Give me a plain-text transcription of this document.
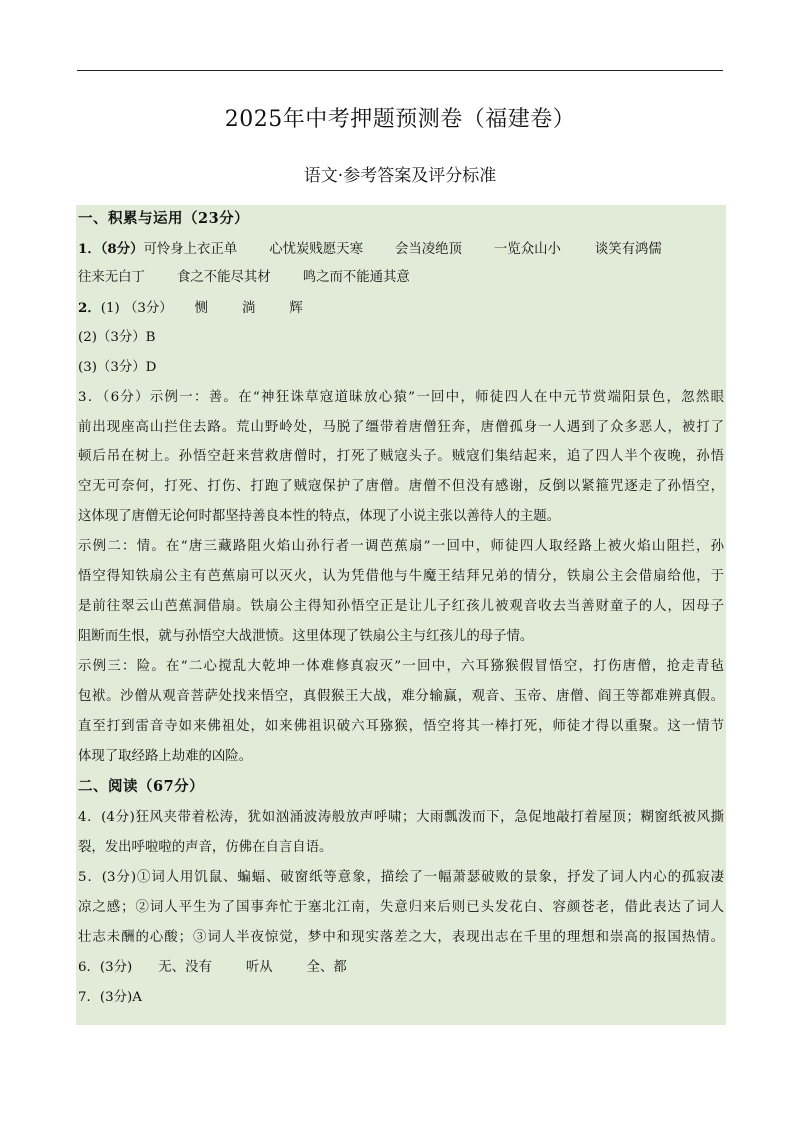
2025年中考押题预测卷（福建卷）
语文·参考答案及评分标准
一、积累与运用（23分）
1．（8分）可怜身上衣正单 心忧炭贱愿天寒 会当凌绝顶 一览众山小	谈笑有鸿儒
往来无白丁 食之不能尽其材 鸣之而不能通其意
2．(1) （3分） 恻	淌	辉
(2)（3分）B
(3)（3分）D
3．（6分）示例一：善。在“神狂诛草寇道昧放心猿”一回中，师徒四人在中元节赏端阳景色，忽然眼
前出现座高山拦住去路。荒山野岭处，马脱了缰带着唐僧狂奔，唐僧孤身一人遇到了众多恶人，被打了
顿后吊在树上。孙悟空赶来营救唐僧时，打死了贼寇头子。贼寇们集结起来，追了四人半个夜晚，孙悟
空无可奈何，打死、打伤、打跑了贼寇保护了唐僧。唐僧不但没有感谢，反倒以紧箍咒逐走了孙悟空，
这体现了唐僧无论何时都坚持善良本性的特点，体现了小说主张以善待人的主题。
示例二：情。在“唐三藏路阻火焰山孙行者一调芭蕉扇”一回中，师徒四人取经路上被火焰山阻拦，孙
悟空得知铁扇公主有芭蕉扇可以灭火，认为凭借他与牛魔王结拜兄弟的情分，铁扇公主会借扇给他，于
是前往翠云山芭蕉洞借扇。铁扇公主得知孙悟空正是让儿子红孩儿被观音收去当善财童子的人，因母子
阻断而生恨，就与孙悟空大战泄愤。这里体现了铁扇公主与红孩儿的母子情。
示例三：险。在“二心搅乱大乾坤一体难修真寂灭”一回中，六耳猕猴假冒悟空，打伤唐僧，抢走青毡
包袱。沙僧从观音菩萨处找来悟空，真假猴王大战，难分输赢，观音、玉帝、唐僧、阎王等都难辨真假。
直至打到雷音寺如来佛祖处，如来佛祖识破六耳猕猴，悟空将其一棒打死，师徒才得以重聚。这一情节
体现了取经路上劫难的凶险。
二、阅读（67分）
4．(4分)狂风夹带着松涛，犹如汹涌波涛般放声呼啸；大雨瓢泼而下，急促地敲打着屋顶；糊窗纸被风撕
裂，发出呼啦啦的声音，仿佛在自言自语。
5．(3分)①词人用饥鼠、蝙蝠、破窗纸等意象，描绘了一幅萧瑟破败的景象，抒发了词人内心的孤寂凄
凉之感；②词人平生为了国事奔忙于塞北江南，失意归来后则已头发花白、容颜苍老，借此表达了词人
壮志未酬的心酸；③词人半夜惊觉，梦中和现实落差之大，表现出志在千里的理想和崇高的报国热情。
6．(3分) 无、没有	听从	全、都
7．(3分)A
